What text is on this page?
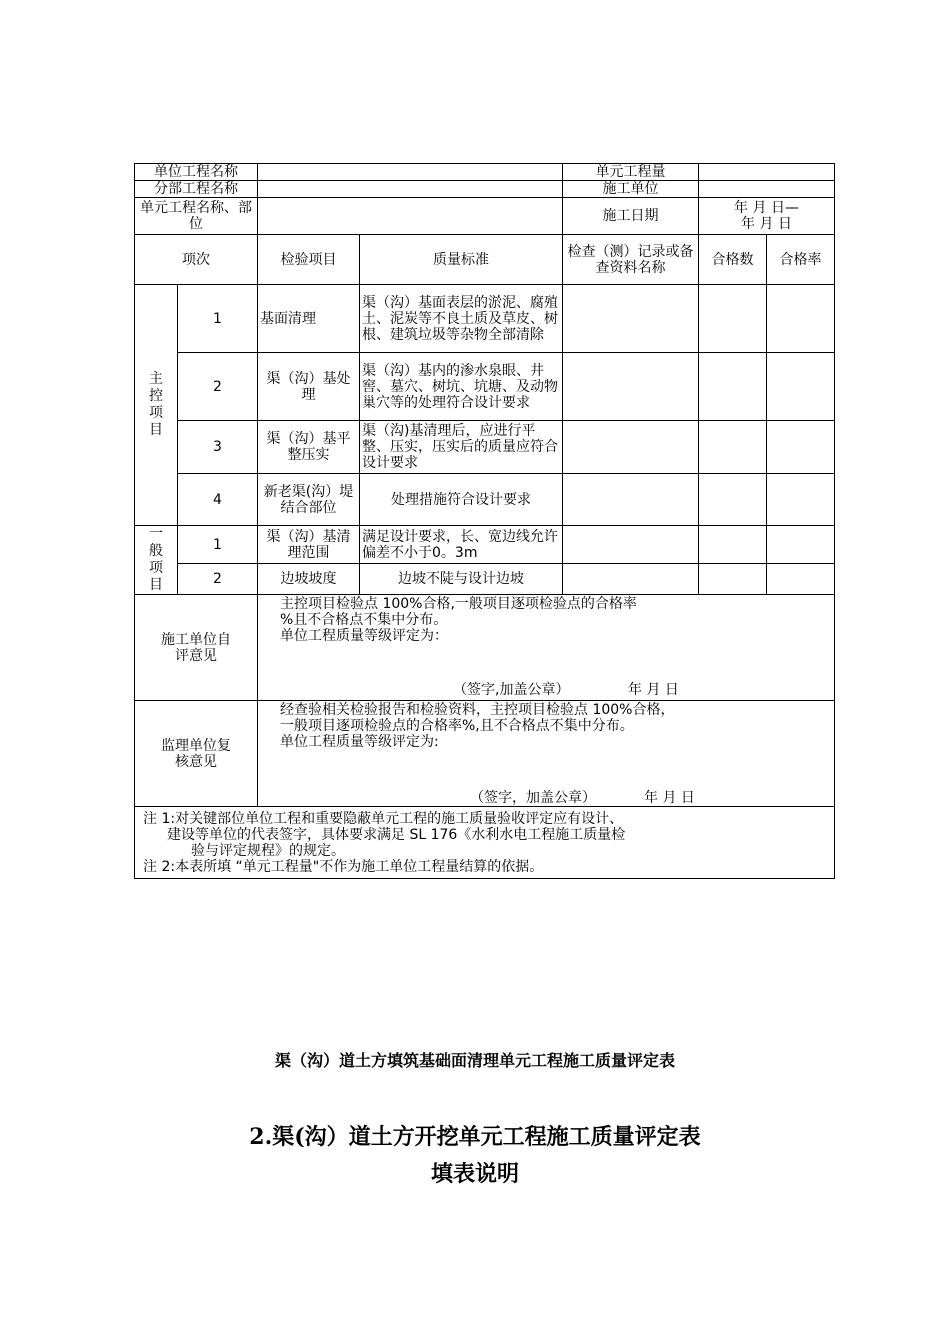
单位工程名称				单元工程量		
分部工程名称				施工单位		
单元工程名称、部位				施工日期	年 月 日—
年 月 日	

项次		检验项目	质量标准	检查（测）记录或备查资料名称	合格数	合格率

主控项目	1	基面清理	渠（沟）基面表层的淤泥、腐殖土、泥炭等不良土质及草皮、树根、建筑垃圾等杂物全部清除			
	2	渠（沟）基处理	渠（沟）基内的渗水泉眼、井窖、墓穴、树坑、坑塘、及动物巢穴等的处理符合设计要求			
	3	渠（沟）基平整压实	渠（沟)基清理后，应进行平整、压实，压实后的质量应符合设计要求			
	4	新老渠(沟）堤结合部位	处理措施符合设计要求			

一般项目	1	渠（沟）基清理范围	满足设计要求，长、宽边线允许偏差不小于0。3m			
	2	边坡坡度	边坡不陡与设计边坡			

施工单位自评意见		主控项目检验点 100%合格,一般项目逐项检验点的合格率
%且不合格点不集中分布。
单位工程质量等级评定为：
（签字,加盖公章） 年 月 日				

监理单位复核意见		经查验相关检验报告和检验资料，主控项目检验点 100%合格，
一般项目逐项检验点的合格率%,且不合格点不集中分布。
单位工程质量等级评定为:
（签字，加盖公章） 年 月 日				

注 1:对关键部位单位工程和重要隐蔽单元工程的施工质量验收评定应有设计、
建设等单位的代表签字，具体要求满足 SL 176《水利水电工程施工质量检
验与评定规程》的规定。
注 2:本表所填 “单元工程量"不作为施工单位工程量结算的依据。						
渠（沟）道土方填筑基础面清理单元工程施工质量评定表
2.渠(沟）道土方开挖单元工程施工质量评定表
填表说明
